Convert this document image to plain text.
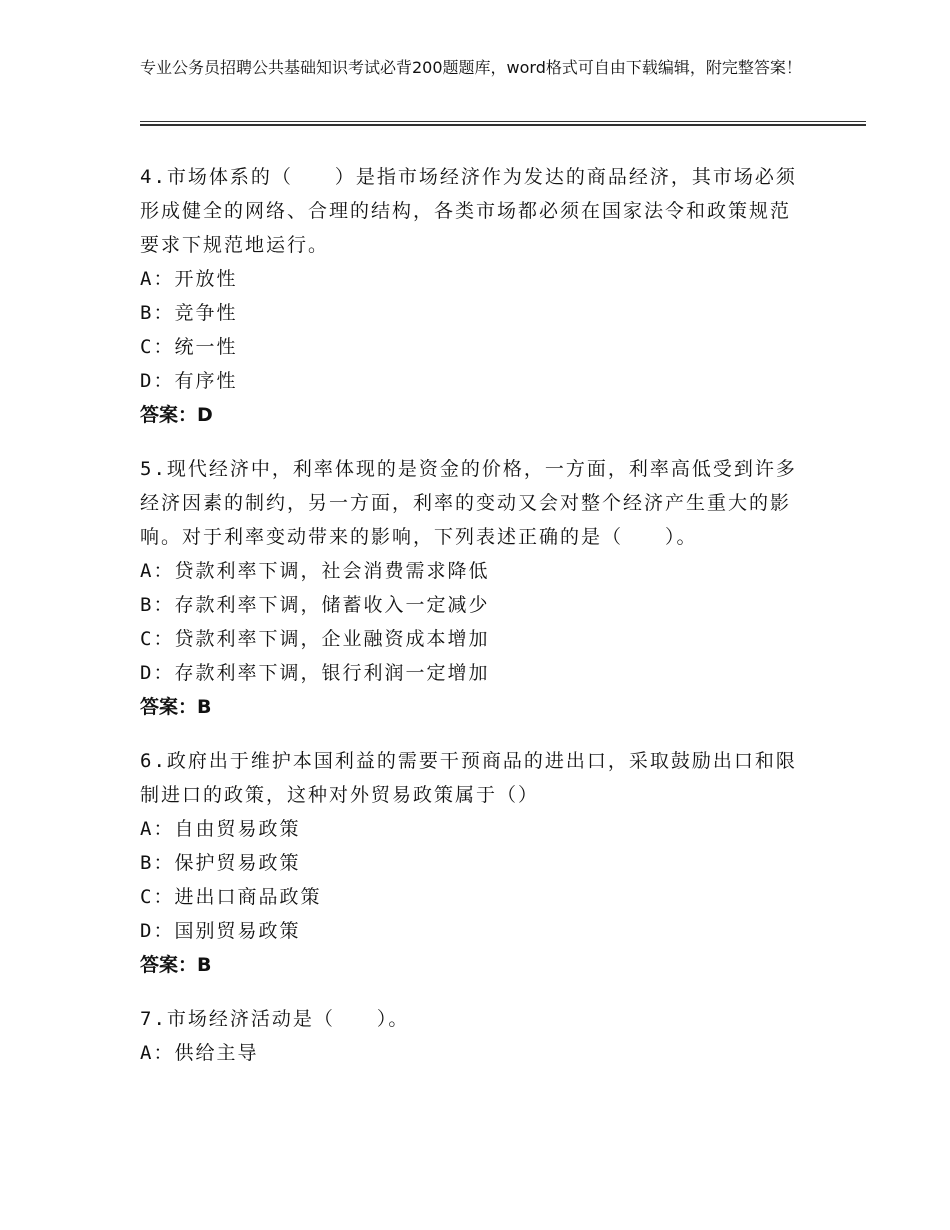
专业公务员招聘公共基础知识考试必背200题题库，word格式可自由下载编辑，附完整答案！

4.市场体系的（　　）是指市场经济作为发达的商品经济，其市场必须形成健全的网络、合理的结构，各类市场都必须在国家法令和政策规范要求下规范地运行。

A：开放性

B：竞争性

C：统一性

D：有序性

答案：D

5.现代经济中，利率体现的是资金的价格，一方面，利率高低受到许多经济因素的制约，另一方面，利率的变动又会对整个经济产生重大的影响。对于利率变动带来的影响，下列表述正确的是（　　）。

A：贷款利率下调，社会消费需求降低

B：存款利率下调，储蓄收入一定减少

C：贷款利率下调，企业融资成本增加

D：存款利率下调，银行利润一定增加

答案：B

6.政府出于维护本国利益的需要干预商品的进出口，采取鼓励出口和限制进口的政策，这种对外贸易政策属于（）

A：自由贸易政策

B：保护贸易政策

C：进出口商品政策

D：国别贸易政策

答案：B

7.市场经济活动是（　　）。

A：供给主导
